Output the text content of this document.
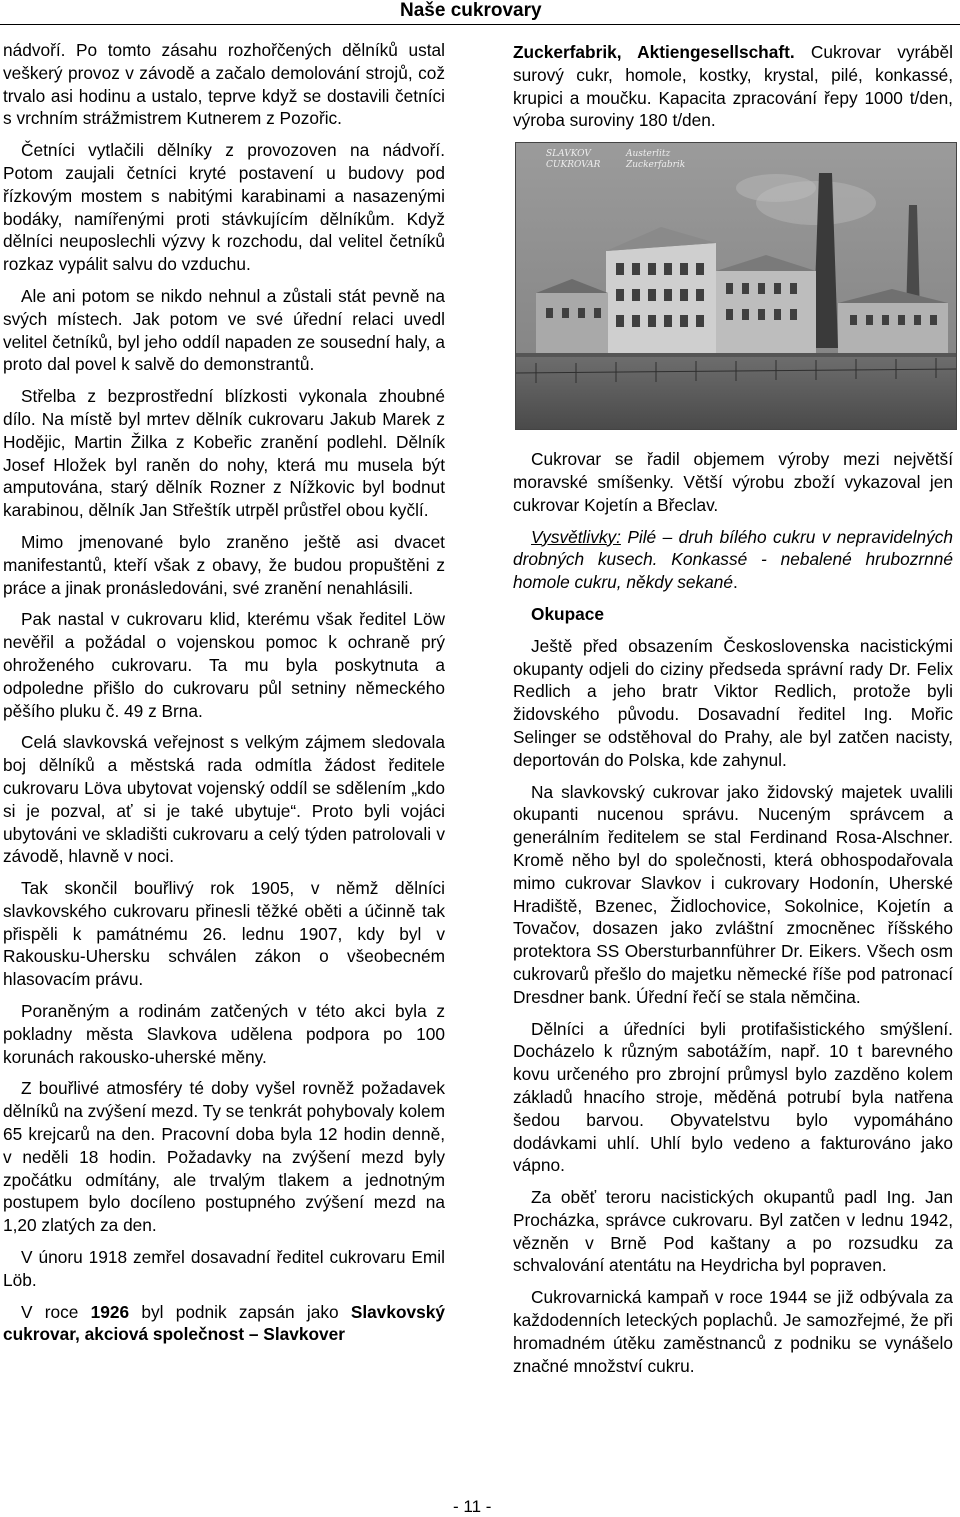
Naše cukrovary

nádvoří. Po tomto zásahu rozhořčených dělníků ustal veškerý provoz v závodě a začalo demolování strojů, což trvalo asi hodinu a ustalo, teprve když se dostavili četníci s vrchním strážmistrem Kutnerem z Pozořic.

Četníci vytlačili dělníky z provozoven na nádvoří. Potom zaujali četníci kryté postavení u budovy pod řízkovým mostem s nabitými karabinami a nasazenými bodáky, namířenými proti stávkujícím dělníkům. Když dělníci neuposlechli výzvy k rozchodu, dal velitel četníků rozkaz vypálit salvu do vzduchu.

Ale ani potom se nikdo nehnul a zůstali stát pevně na svých místech. Jak potom ve své úřední relaci uvedl velitel četníků, byl jeho oddíl napaden ze sousední haly, a proto dal povel k salvě do demonstrantů.

Střelba z bezprostřední blízkosti vykonala zhoubné dílo. Na místě byl mrtev dělník cukrovaru Jakub Marek z Hodějic, Martin Žilka z Kobeřic zranění podlehl. Dělník Josef Hložek byl raněn do nohy, která mu musela být amputována, starý dělník Rozner z Nížkovic byl bodnut karabinou, dělník Jan Střeštík utrpěl průstřel obou kyčlí.

Mimo jmenované bylo zraněno ještě asi dvacet manifestantů, kteří však z obavy, že budou propuštěni z práce a jinak pronásledováni, své zranění nenahlásili.

Pak nastal v cukrovaru klid, kterému však ředitel Löw nevěřil a požádal o vojenskou pomoc k ochraně prý ohroženého cukrovaru. Ta mu byla poskytnuta a odpoledne přišlo do cukrovaru půl setniny německého pěšího pluku č. 49 z Brna.

Celá slavkovská veřejnost s velkým zájmem sledovala boj dělníků a městská rada odmítla žádost ředitele cukrovaru Löva ubytovat vojenský oddíl se sdělením „kdo si je pozval, ať si je také ubytuje“. Proto byli vojáci ubytováni ve skladišti cukrovaru a celý týden patrolovali v závodě, hlavně v noci.

Tak skončil bouřlivý rok 1905, v němž dělníci slavkovského cukrovaru přinesli těžké oběti a účinně tak přispěli k památnému 26. lednu 1907, kdy byl v Rakousku-Uhersku schválen zákon o všeobecném hlasovacím právu.

Poraněným a rodinám zatčených v této akci byla z pokladny města Slavkova udělena podpora po 100 korunách rakousko-uherské měny.

Z bouřlivé atmosféry té doby vyšel rovněž požadavek dělníků na zvýšení mezd. Ty se tenkrát pohybovaly kolem 65 krejcarů na den. Pracovní doba byla 12 hodin denně, v neděli 18 hodin. Požadavky na zvýšení mezd byly zpočátku odmítány, ale trvalým tlakem a jednotným postupem bylo docíleno postupného zvýšení mezd na 1,20 zlatých za den.

V únoru 1918 zemřel dosavadní ředitel cukrovaru Emil Löb.

V roce 1926 byl podnik zapsán jako Slavkovský cukrovar, akciová společnost – Slavkover

Zuckerfabrik, Aktiengesellschaft. Cukrovar vyráběl surový cukr, homole, kostky, krystal, pilé, konkassé, krupici a moučku. Kapacita zpracování řepy 1000 t/den, výroba suroviny 180 t/den.

SLAVKOV
CUKROVAR
Austerlitz
Zuckerfabrik

Cukrovar se řadil objemem výroby mezi největší moravské smíšenky. Větší výrobu zboží vykazoval jen cukrovar Kojetín a Břeclav.

Vysvětlivky: Pilé – druh bílého cukru v nepravidelných drobných kusech. Konkassé - nebalené hrubozrnné homole cukru, někdy sekané.

Okupace

Ještě před obsazením Československa nacistickými okupanty odjeli do ciziny předseda správní rady Dr. Felix Redlich a jeho bratr Viktor Redlich, protože byli židovského původu. Dosavadní ředitel Ing. Mořic Selinger se odstěhoval do Prahy, ale byl zatčen nacisty, deportován do Polska, kde zahynul.

Na slavkovský cukrovar jako židovský majetek uvalili okupanti nucenou správu. Nuceným správcem a generálním ředitelem se stal Ferdinand Rosa-Alschner. Kromě něho byl do společnosti, která obhospodařovala mimo cukrovar Slavkov i cukrovary Hodonín, Uherské Hradiště, Bzenec, Židlochovice, Sokolnice, Kojetín a Tovačov, dosazen jako zvláštní zmocněnec říšského protektora SS Obersturbannführer Dr. Eikers. Všech osm cukrovarů přešlo do majetku německé říše pod patronací Dresdner bank. Úřední řečí se stala němčina.

Dělníci a úředníci byli protifašistického smýšlení. Docházelo k různým sabotážím, např. 10 t barevného kovu určeného pro zbrojní průmysl bylo zazděno kolem základů hnacího stroje, měděná potrubí byla natřena šedou barvou. Obyvatelstvu bylo vypomáháno dodávkami uhlí. Uhlí bylo vedeno a fakturováno jako vápno.

Za oběť teroru nacistických okupantů padl Ing. Jan Procházka, správce cukrovaru. Byl zatčen v lednu 1942, vězněn v Brně Pod kaštany a po rozsudku za schvalování atentátu na Heydricha byl popraven.

Cukrovarnická kampaň v roce 1944 se již odbývala za každodenních leteckých poplachů. Je samozřejmé, že při hromadném útěku zaměstnanců z podniku se vynášelo značné množství cukru.

- 11 -
